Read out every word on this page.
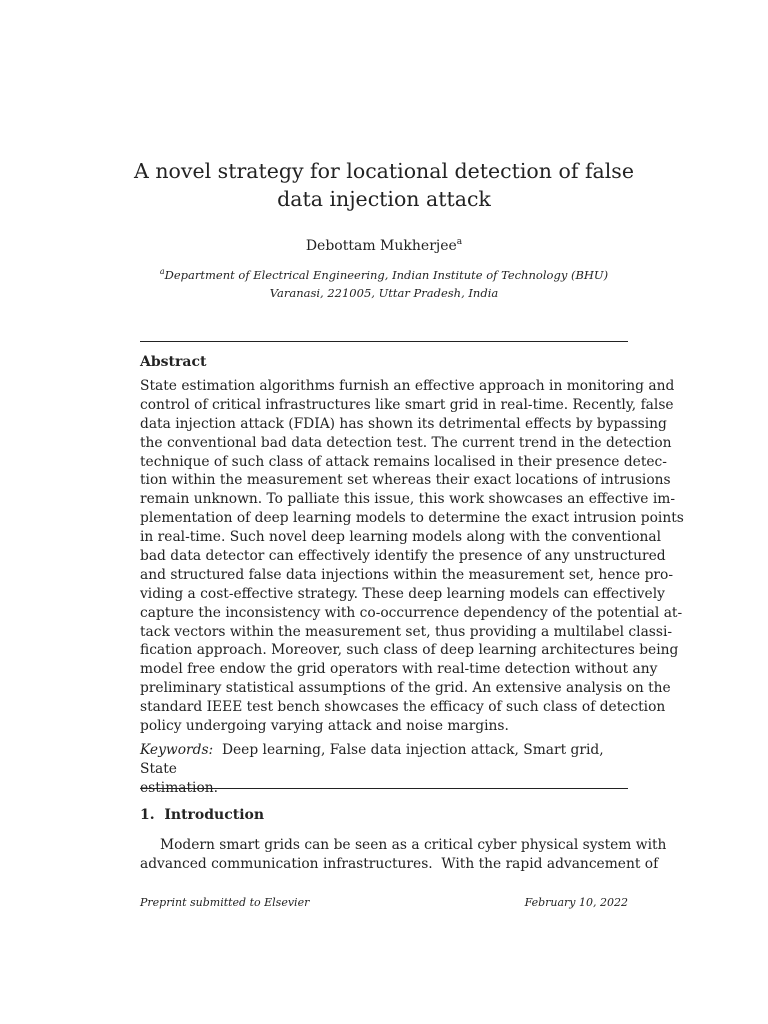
A novel strategy for locational detection of false data injection attack
Debottam Mukherjee$^a$
$^a$Department of Electrical Engineering, Indian Institute of Technology (BHU)
Varanasi, 221005, Uttar Pradesh, India
Abstract
State estimation algorithms furnish an effective approach in monitoring and
control of critical infrastructures like smart grid in real-time. Recently, false
data injection attack (FDIA) has shown its detrimental effects by bypassing
the conventional bad data detection test. The current trend in the detection
technique of such class of attack remains localised in their presence detec-
tion within the measurement set whereas their exact locations of intrusions
remain unknown. To palliate this issue, this work showcases an effective im-
plementation of deep learning models to determine the exact intrusion points
in real-time. Such novel deep learning models along with the conventional
bad data detector can effectively identify the presence of any unstructured
and structured false data injections within the measurement set, hence pro-
viding a cost-effective strategy. These deep learning models can effectively
capture the inconsistency with co-occurrence dependency of the potential at-
tack vectors within the measurement set, thus providing a multilabel classi-
fication approach. Moreover, such class of deep learning architectures being
model free endow the grid operators with real-time detection without any
preliminary statistical assumptions of the grid. An extensive analysis on the
standard IEEE test bench showcases the efficacy of such class of detection
policy undergoing varying attack and noise margins.
Keywords: Deep learning, False data injection attack, Smart grid, State
estimation.
1.  Introduction
Modern smart grids can be seen as a critical cyber physical system with
advanced communication infrastructures.  With the rapid advancement of
Preprint submitted to Elsevier	February 10, 2022
